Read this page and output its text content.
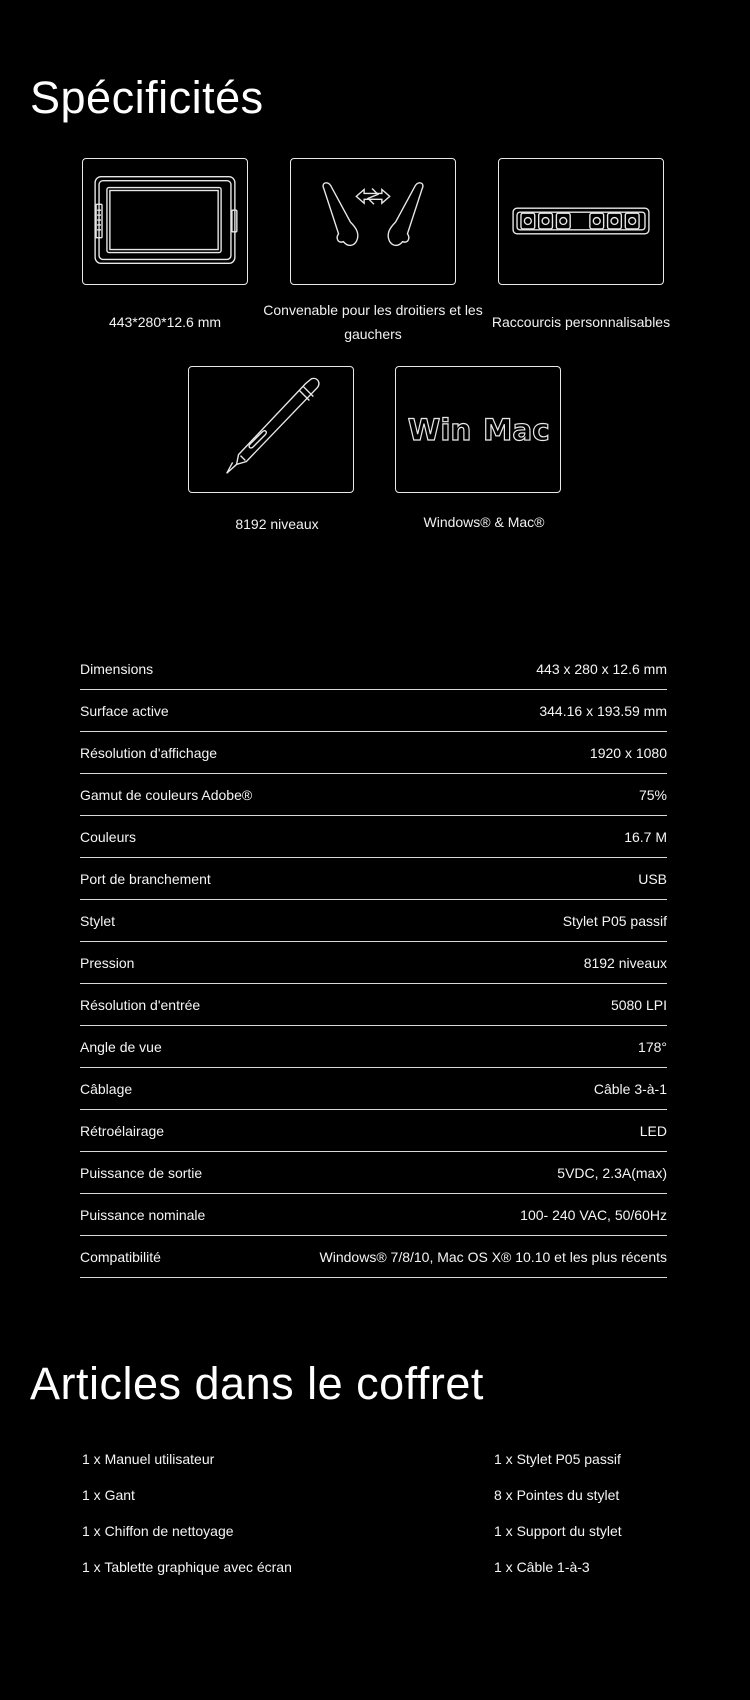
Spécificités
443*280*12.6 mm
Convenable pour les droitiers et les gauchers
Raccourcis personnalisables
8192 niveaux
Win Mac
Windows® & Mac®
Dimensions	443 x 280 x 12.6 mm
Surface active	344.16 x 193.59 mm
Résolution d'affichage	1920 x 1080
Gamut de couleurs Adobe®	75%
Couleurs	16.7 M
Port de branchement	USB
Stylet	Stylet P05 passif
Pression	8192 niveaux
Résolution d'entrée	5080 LPI
Angle de vue	178°
Câblage	Câble 3-à-1
Rétroélairage	LED
Puissance de sortie	5VDC, 2.3A(max)
Puissance nominale	100- 240 VAC, 50/60Hz
Compatibilité	Windows® 7/8/10, Mac OS X® 10.10 et les plus récents
Articles dans le coffret
1 x Manuel utilisateur
1 x Gant
1 x Chiffon de nettoyage
1 x Tablette graphique avec écran
1 x Stylet P05 passif
8 x Pointes du stylet
1 x Support du stylet
1 x Câble 1-à-3
